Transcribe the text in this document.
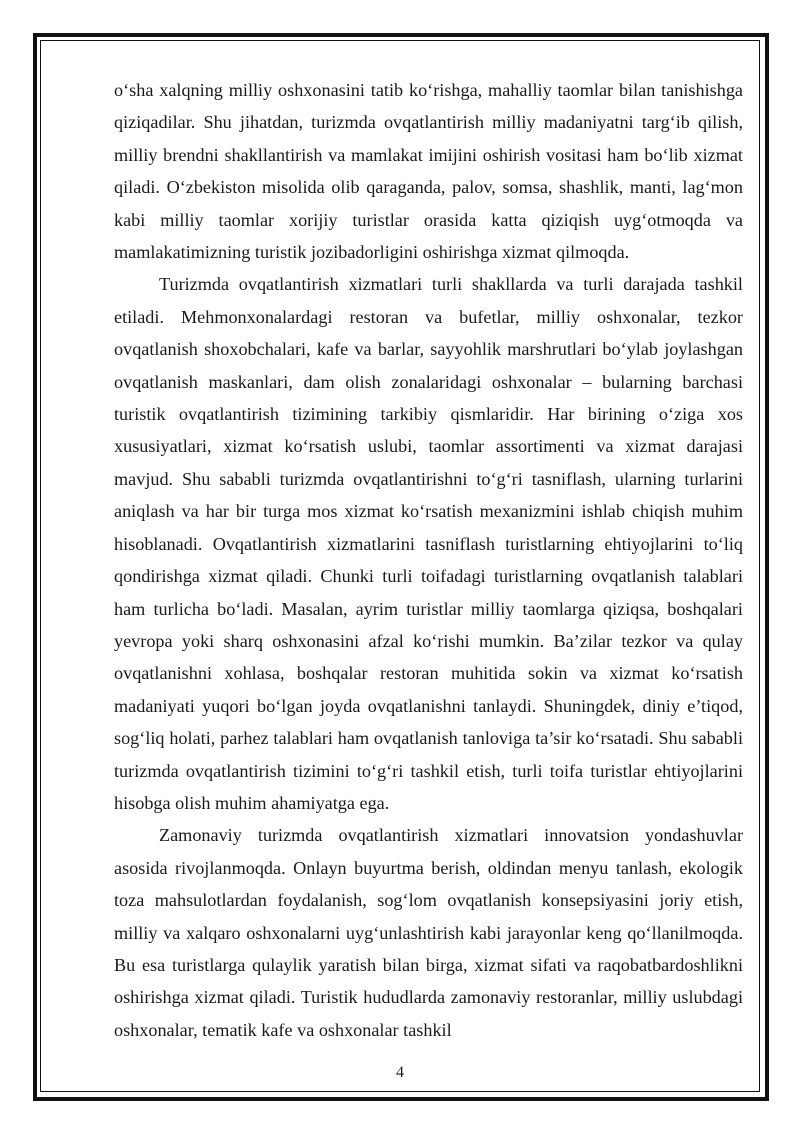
o‘sha xalqning milliy oshxonasini tatib ko‘rishga, mahalliy taomlar bilan tanishishga qiziqadilar. Shu jihatdan, turizmda ovqatlantirish milliy madaniyatni targ‘ib qilish, milliy brendni shakllantirish va mamlakat imijini oshirish vositasi ham bo‘lib xizmat qiladi. O‘zbekiston misolida olib qaraganda, palov, somsa, shashlik, manti, lag‘mon kabi milliy taomlar xorijiy turistlar orasida katta qiziqish uyg‘otmoqda va mamlakatimizning turistik jozibadorligini oshirishga xizmat qilmoqda.

Turizmda ovqatlantirish xizmatlari turli shakllarda va turli darajada tashkil etiladi. Mehmonxonalardagi restoran va bufetlar, milliy oshxonalar, tezkor ovqatlanish shoxobchalari, kafe va barlar, sayyohlik marshrutlari bo‘ylab joylashgan ovqatlanish maskanlari, dam olish zonalaridagi oshxonalar – bularning barchasi turistik ovqatlantirish tizimining tarkibiy qismlaridir. Har birining o‘ziga xos xususiyatlari, xizmat ko‘rsatish uslubi, taomlar assortimenti va xizmat darajasi mavjud. Shu sababli turizmda ovqatlantirishni to‘g‘ri tasniflash, ularning turlarini aniqlash va har bir turga mos xizmat ko‘rsatish mexanizmini ishlab chiqish muhim hisoblanadi. Ovqatlantirish xizmatlarini tasniflash turistlarning ehtiyojlarini to‘liq qondirishga xizmat qiladi. Chunki turli toifadagi turistlarning ovqatlanish talablari ham turlicha bo‘ladi. Masalan, ayrim turistlar milliy taomlarga qiziqsa, boshqalari yevropa yoki sharq oshxonasini afzal ko‘rishi mumkin. Ba’zilar tezkor va qulay ovqatlanishni xohlasa, boshqalar restoran muhitida sokin va xizmat ko‘rsatish madaniyati yuqori bo‘lgan joyda ovqatlanishni tanlaydi. Shuningdek, diniy e’tiqod, sog‘liq holati, parhez talablari ham ovqatlanish tanloviga ta’sir ko‘rsatadi. Shu sababli turizmda ovqatlantirish tizimini to‘g‘ri tashkil etish, turli toifa turistlar ehtiyojlarini hisobga olish muhim ahamiyatga ega.

Zamonaviy turizmda ovqatlantirish xizmatlari innovatsion yondashuvlar asosida rivojlanmoqda. Onlayn buyurtma berish, oldindan menyu tanlash, ekologik toza mahsulotlardan foydalanish, sog‘lom ovqatlanish konsepsiyasini joriy etish, milliy va xalqaro oshxonalarni uyg‘unlashtirish kabi jarayonlar keng qo‘llanilmoqda. Bu esa turistlarga qulaylik yaratish bilan birga, xizmat sifati va raqobatbardoshlikni oshirishga xizmat qiladi. Turistik hududlarda zamonaviy restoranlar, milliy uslubdagi oshxonalar, tematik kafe va oshxonalar tashkil

4
